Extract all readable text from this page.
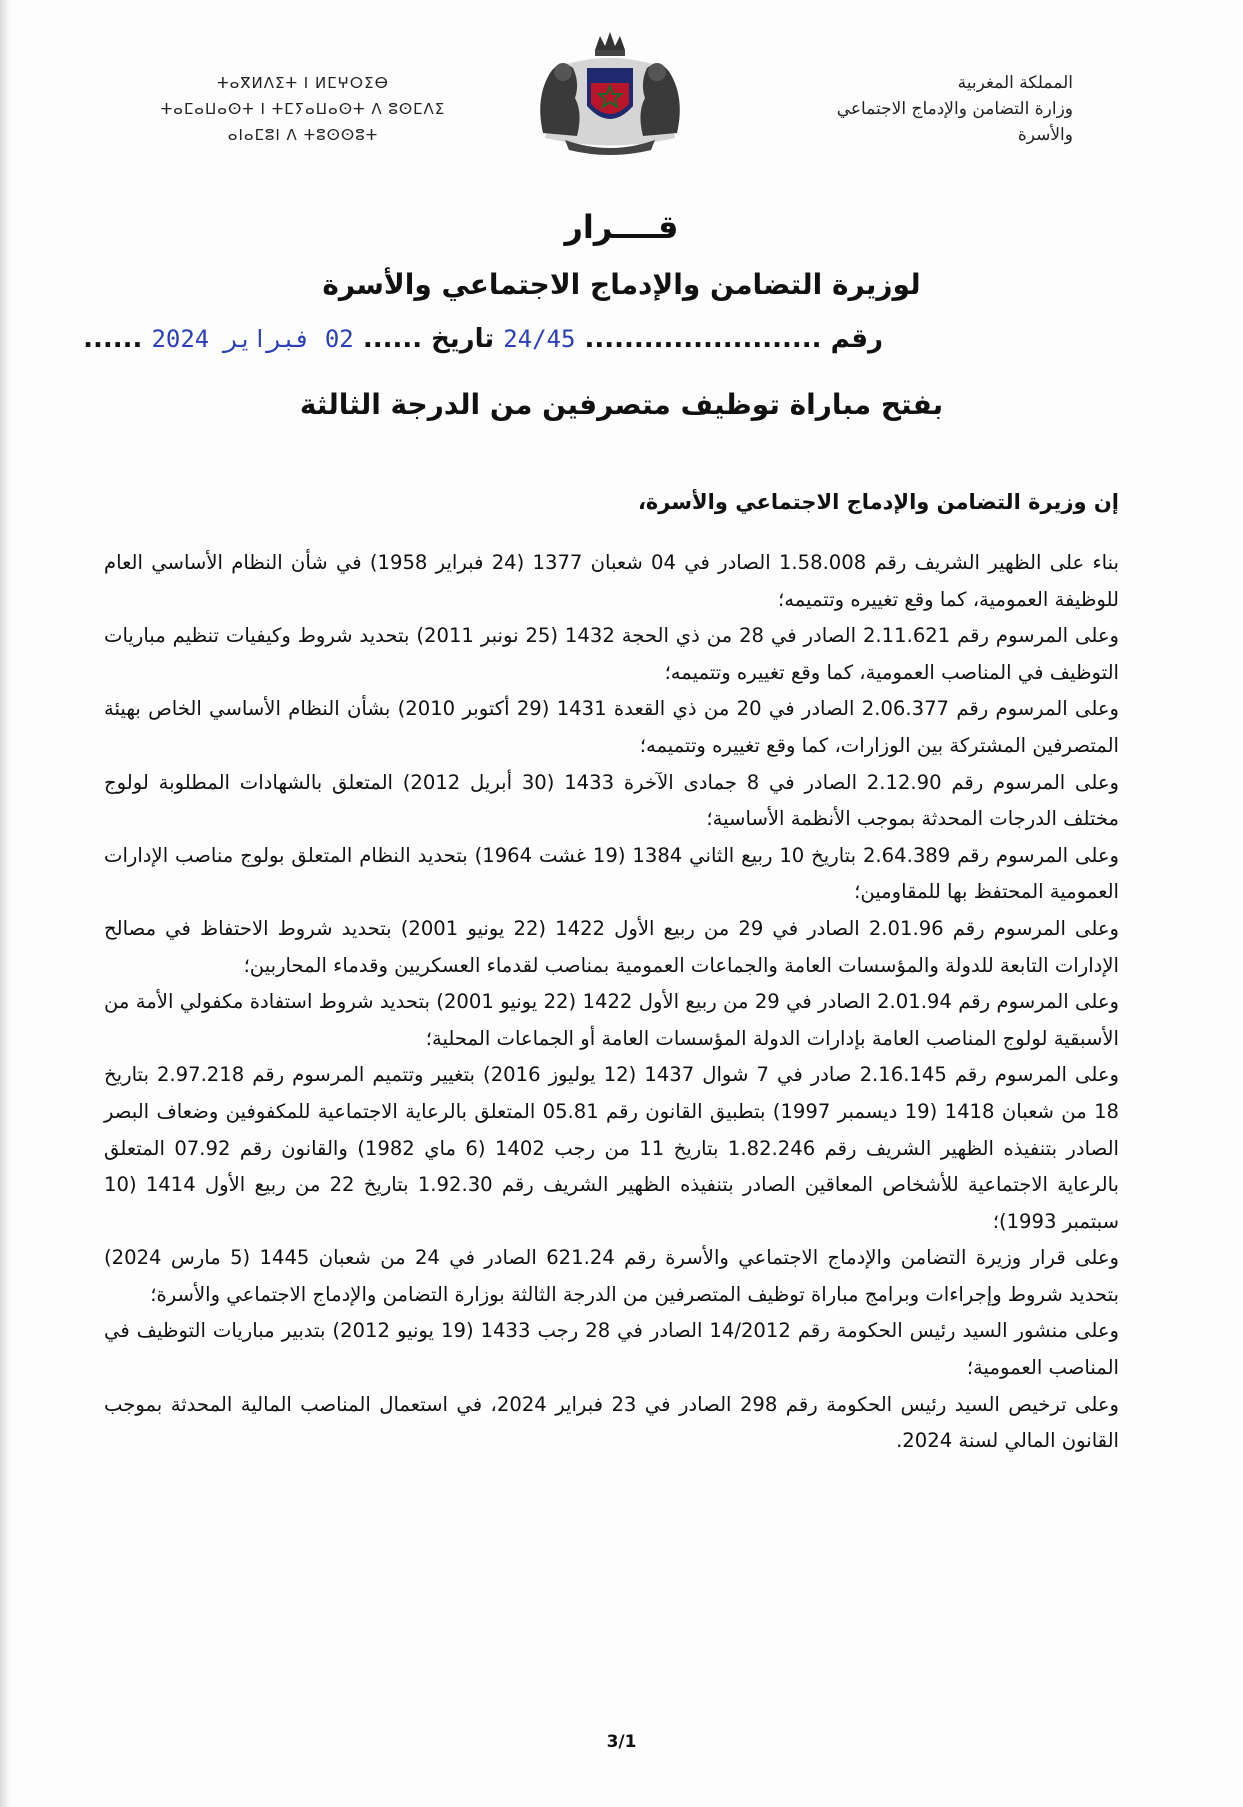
المملكة المغربية
وزارة التضامن والإدماج الاجتماعي
والأسرة
ⵜⴰⴳⵍⴷⵉⵜ ⵏ ⵍⵎⵖⵔⵉⴱ
ⵜⴰⵎⴰⵡⴰⵙⵜ ⵏ ⵜⵎⵢⴰⵡⴰⵙⵜ ⴷ ⵓⵙⵎⴷⵉ
ⴰⵏⴰⵎⵓⵏ ⴷ ⵜⵓⵙⵙⵓⵜ
قــــرار
لوزيرة التضامن والإدماج الاجتماعي والأسرة
رقم ........................ 24/45 تاريخ ...... 02 فبراير 2024 ......
بفتح مباراة توظيف متصرفين من الدرجة الثالثة
إن وزيرة التضامن والإدماج الاجتماعي والأسرة،

بناء على الظهير الشريف رقم 1.58.008 الصادر في 04 شعبان 1377 (24 فبراير 1958) في شأن النظام الأساسي العام للوظيفة العمومية، كما وقع تغييره وتتميمه؛

وعلى المرسوم رقم 2.11.621 الصادر في 28 من ذي الحجة 1432 (25 نونبر 2011) بتحديد شروط وكيفيات تنظيم مباريات التوظيف في المناصب العمومية، كما وقع تغييره وتتميمه؛

وعلى المرسوم رقم 2.06.377 الصادر في 20 من ذي القعدة 1431 (29 أكتوبر 2010) بشأن النظام الأساسي الخاص بهيئة المتصرفين المشتركة بين الوزارات، كما وقع تغييره وتتميمه؛

وعلى المرسوم رقم 2.12.90 الصادر في 8 جمادى الآخرة 1433 (30 أبريل 2012) المتعلق بالشهادات المطلوبة لولوج مختلف الدرجات المحدثة بموجب الأنظمة الأساسية؛

وعلى المرسوم رقم 2.64.389 بتاريخ 10 ربيع الثاني 1384 (19 غشت 1964) بتحديد النظام المتعلق بولوج مناصب الإدارات العمومية المحتفظ بها للمقاومين؛

وعلى المرسوم رقم 2.01.96 الصادر في 29 من ربيع الأول 1422 (22 يونيو 2001) بتحديد شروط الاحتفاظ في مصالح الإدارات التابعة للدولة والمؤسسات العامة والجماعات العمومية بمناصب لقدماء العسكريين وقدماء المحاربين؛

وعلى المرسوم رقم 2.01.94 الصادر في 29 من ربيع الأول 1422 (22 يونيو 2001) بتحديد شروط استفادة مكفولي الأمة من الأسبقية لولوج المناصب العامة بإدارات الدولة المؤسسات العامة أو الجماعات المحلية؛

وعلى المرسوم رقم 2.16.145 صادر في 7 شوال 1437 (12 يوليوز 2016) بتغيير وتتميم المرسوم رقم 2.97.218 بتاريخ 18 من شعبان 1418 (19 ديسمبر 1997) بتطبيق القانون رقم 05.81 المتعلق بالرعاية الاجتماعية للمكفوفين وضعاف البصر الصادر بتنفيذه الظهير الشريف رقم 1.82.246 بتاريخ 11 من رجب 1402 (6 ماي 1982) والقانون رقم 07.92 المتعلق بالرعاية الاجتماعية للأشخاص المعاقين الصادر بتنفيذه الظهير الشريف رقم 1.92.30 بتاريخ 22 من ربيع الأول 1414 (10 سبتمبر 1993)؛

وعلى قرار وزيرة التضامن والإدماج الاجتماعي والأسرة رقم 621.24 الصادر في 24 من شعبان 1445 (5 مارس 2024) بتحديد شروط وإجراءات وبرامج مباراة توظيف المتصرفين من الدرجة الثالثة بوزارة التضامن والإدماج الاجتماعي والأسرة؛

وعلى منشور السيد رئيس الحكومة رقم 14/2012 الصادر في 28 رجب 1433 (19 يونيو 2012) بتدبير مباريات التوظيف في المناصب العمومية؛

وعلى ترخيص السيد رئيس الحكومة رقم 298 الصادر في 23 فبراير 2024، في استعمال المناصب المالية المحدثة بموجب القانون المالي لسنة 2024.

3/1
